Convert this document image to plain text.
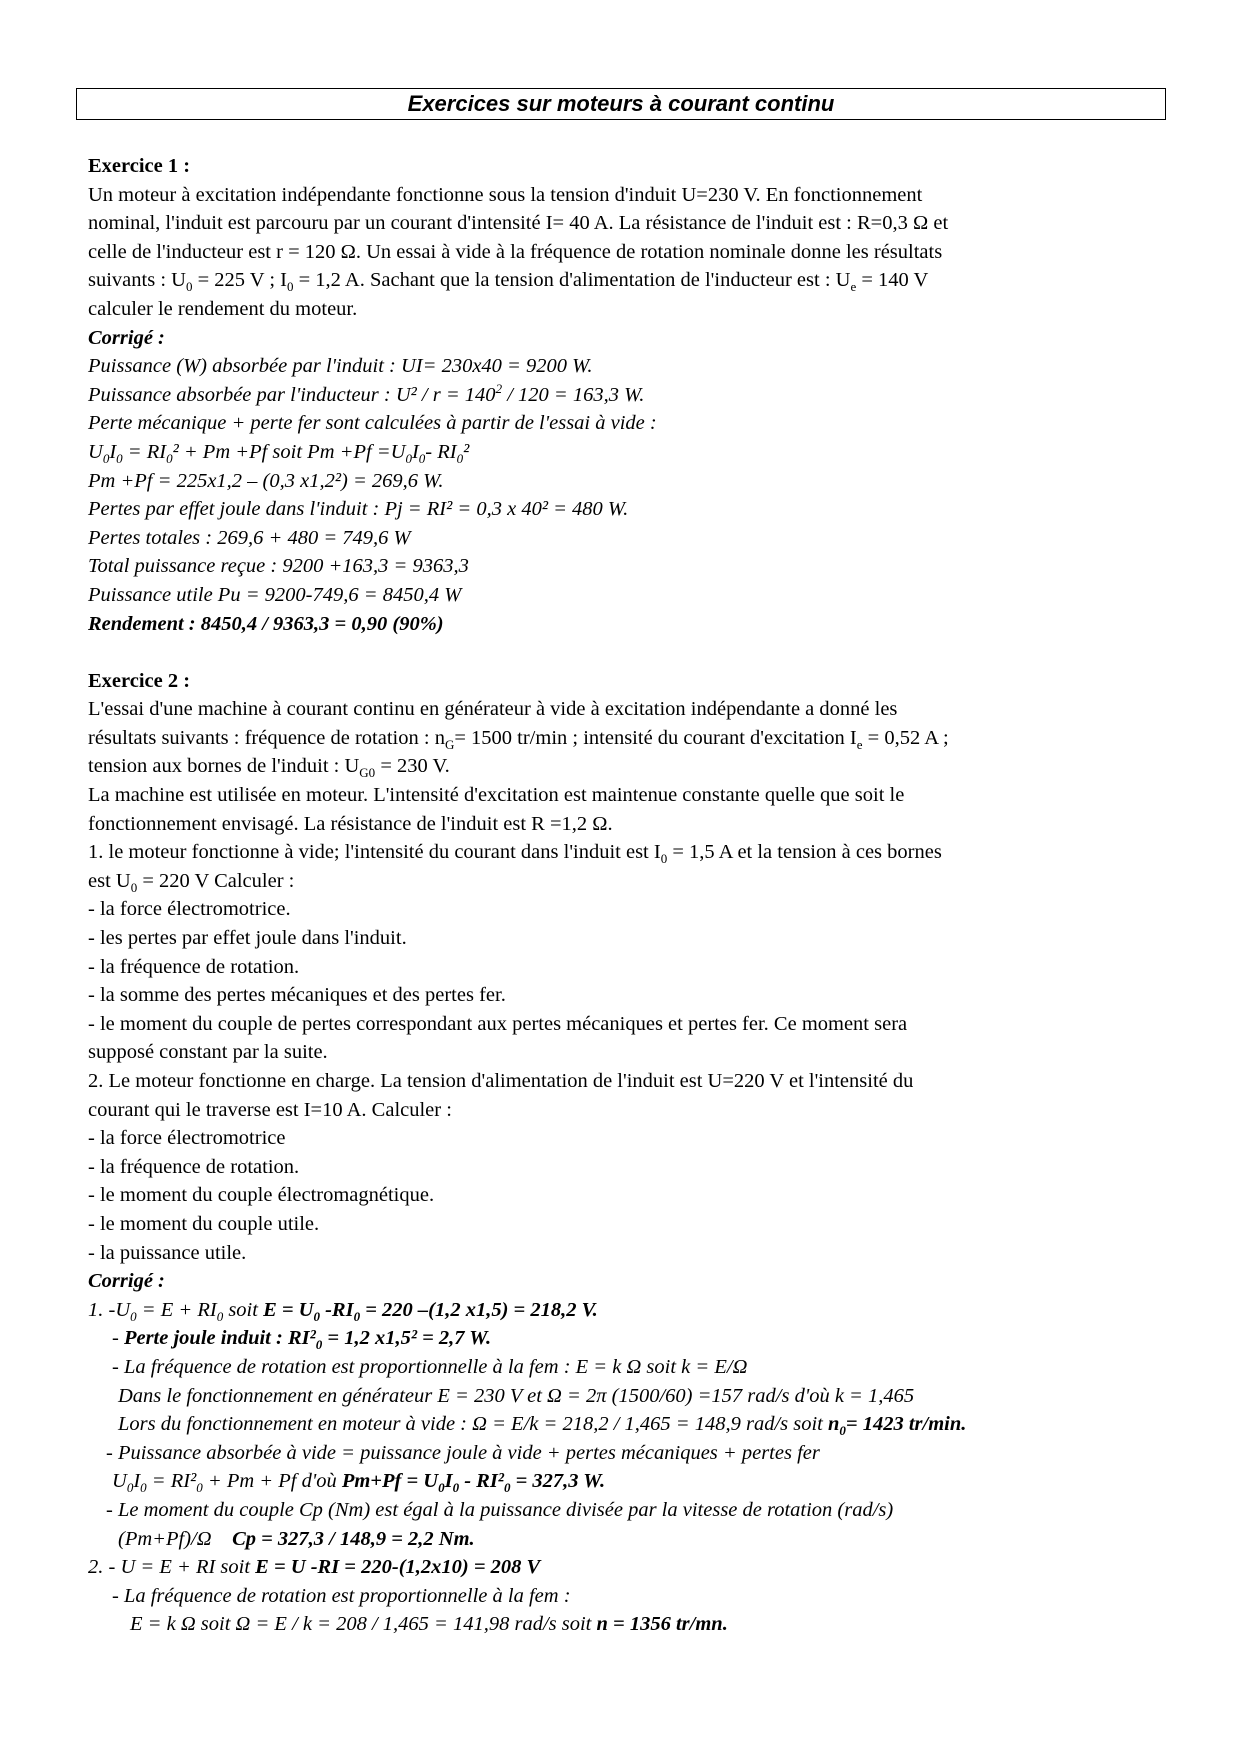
Exercices sur moteurs à courant continu
Exercice 1 :
Un moteur à excitation indépendante fonctionne sous la tension d'induit U=230 V. En fonctionnement
nominal, l'induit est parcouru par un courant d'intensité I= 40 A. La résistance de l'induit est : R=0,3 Ω et
celle de l'inducteur est r = 120 Ω. Un essai à vide à la fréquence de rotation nominale donne les résultats
suivants : $U_0 = 225$ V ; $I_0 = 1,2$ A. Sachant que la tension d'alimentation de l'inducteur est : $U_e = 140$ V
calculer le rendement du moteur.
Corrigé :
Puissance (W) absorbée par l'induit : UI= 230x40 = 9200 W.
Puissance absorbée par l'inducteur : $U^2 / r = 140^2 / 120 = 163,3$ W.
Perte mécanique + perte fer sont calculées à partir de l'essai à vide :
$U_0I_0 = RI_0^2 + Pm +Pf$ soit $Pm +Pf =U_0I_0-$ $RI_0^2$
Pm +Pf = 225x1,2 – (0,3 x1,2²) = 269,6 W.
Pertes par effet joule dans l'induit : Pj = RI² = 0,3 x 40² = 480 W.
Pertes totales : 269,6 + 480 = 749,6 W
Total puissance reçue : 9200 +163,3 = 9363,3
Puissance utile Pu = 9200-749,6 = 8450,4 W
Rendement : 8450,4 / 9363,3 = 0,90 (90%)
Exercice 2 :
L'essai d'une machine à courant continu en générateur à vide à excitation indépendante a donné les
résultats suivants : fréquence de rotation : $n_G= 1500$ tr/min ; intensité du courant d'excitation $I_e = 0,52$ A ;
tension aux bornes de l'induit : $U_{G0} = 230$ V.
La machine est utilisée en moteur. L'intensité d'excitation est maintenue constante quelle que soit le
fonctionnement envisagé. La résistance de l'induit est R =1,2 Ω.
1. le moteur fonctionne à vide; l'intensité du courant dans l'induit est $I_0 = 1,5$ A et la tension à ces bornes
est $U_0 = 220$ V Calculer :
- la force électromotrice.
- les pertes par effet joule dans l'induit.
- la fréquence de rotation.
- la somme des pertes mécaniques et des pertes fer.
- le moment du couple de pertes correspondant aux pertes mécaniques et pertes fer. Ce moment sera
supposé constant par la suite.
2. Le moteur fonctionne en charge. La tension d'alimentation de l'induit est U=220 V et l'intensité du
courant qui le traverse est I=10 A. Calculer :
- la force électromotrice
- la fréquence de rotation.
- le moment du couple électromagnétique.
- le moment du couple utile.
- la puissance utile.
Corrigé :
1. $-U_0 = E + RI_0$ soit $E = U_0$ $-RI_0 = 220$ –(1,2 x1,5) = 218,2 V.
- Perte joule induit : $RI^2_0 = 1,2$ x1,5² = 2,7 W.
- La fréquence de rotation est proportionnelle à la fem : E = k Ω soit k = E/Ω
Dans le fonctionnement en générateur E = 230 V et Ω = 2π (1500/60) =157 rad/s d'où k = 1,465
Lors du fonctionnement en moteur à vide : Ω = E/k = 218,2 / 1,465 = 148,9 rad/s soit $n_0= 1423$ tr/min.
- Puissance absorbée à vide = puissance joule à vide + pertes mécaniques + pertes fer
$U_0I_0 = RI^2_0 + Pm + Pf$ d'où $Pm+Pf = U_0I_0 - RI^2_0 = 327,3$ W.
- Le moment du couple Cp (Nm) est égal à la puissance divisée par la vitesse de rotation (rad/s)
(Pm+Pf)/Ω    Cp = 327,3 / 148,9 = 2,2 Nm.
2. - U = E + RI soit E = U -RI = 220-(1,2x10) = 208 V
- La fréquence de rotation est proportionnelle à la fem :
E = k Ω soit Ω = E / k = 208 / 1,465 = 141,98 rad/s soit n = 1356 tr/mn.
